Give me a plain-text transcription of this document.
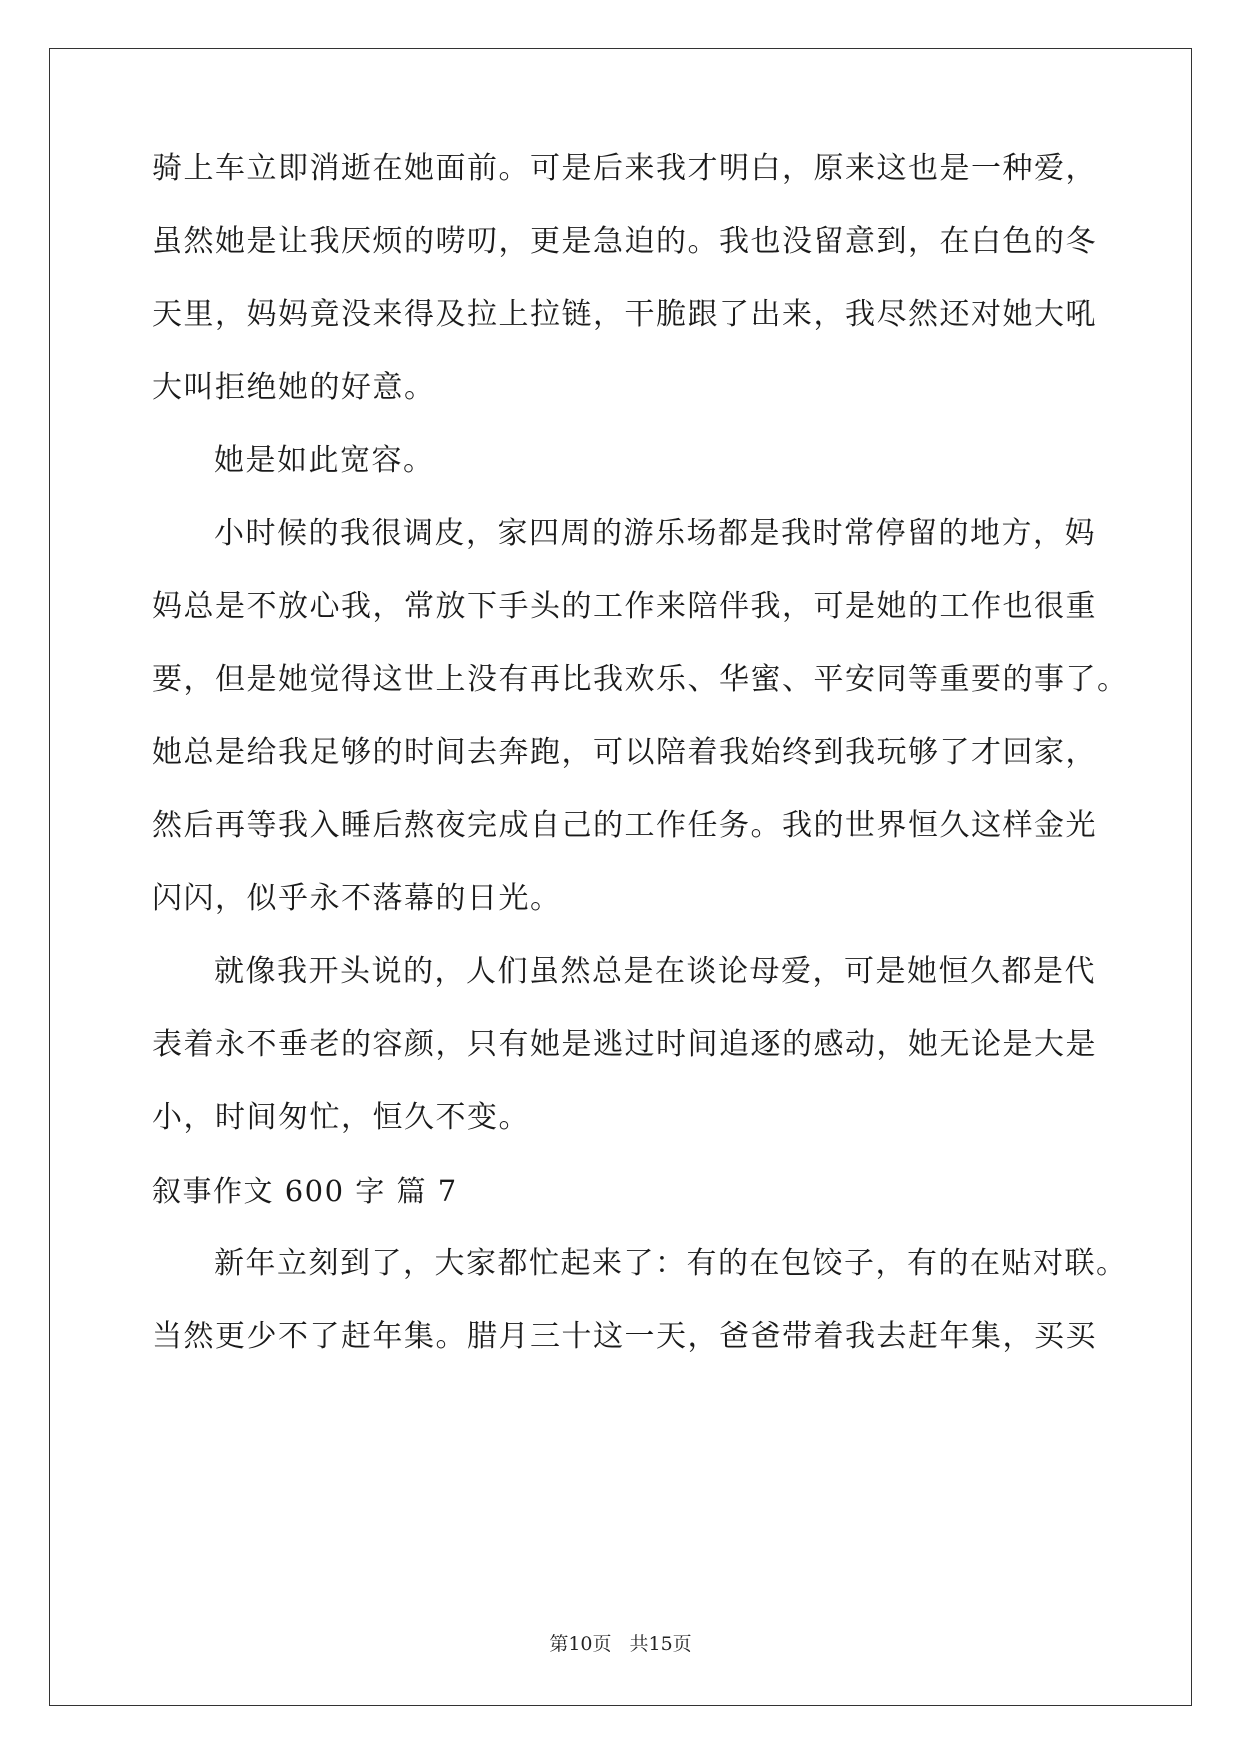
骑上车立即消逝在她面前。可是后来我才明白，原来这也是一种爱，
虽然她是让我厌烦的唠叨，更是急迫的。我也没留意到，在白色的冬
天里，妈妈竟没来得及拉上拉链，干脆跟了出来，我尽然还对她大吼
大叫拒绝她的好意。
她是如此宽容。
小时候的我很调皮，家四周的游乐场都是我时常停留的地方，妈
妈总是不放心我，常放下手头的工作来陪伴我，可是她的工作也很重
要，但是她觉得这世上没有再比我欢乐、华蜜、平安同等重要的事了。
她总是给我足够的时间去奔跑，可以陪着我始终到我玩够了才回家，
然后再等我入睡后熬夜完成自己的工作任务。我的世界恒久这样金光
闪闪，似乎永不落幕的日光。
就像我开头说的，人们虽然总是在谈论母爱，可是她恒久都是代
表着永不垂老的容颜，只有她是逃过时间追逐的感动，她无论是大是
小，时间匆忙，恒久不变。
叙事作文 600 字 篇 7
新年立刻到了，大家都忙起来了：有的在包饺子，有的在贴对联。
当然更少不了赶年集。腊月三十这一天，爸爸带着我去赶年集，买买
第10页 共15页
